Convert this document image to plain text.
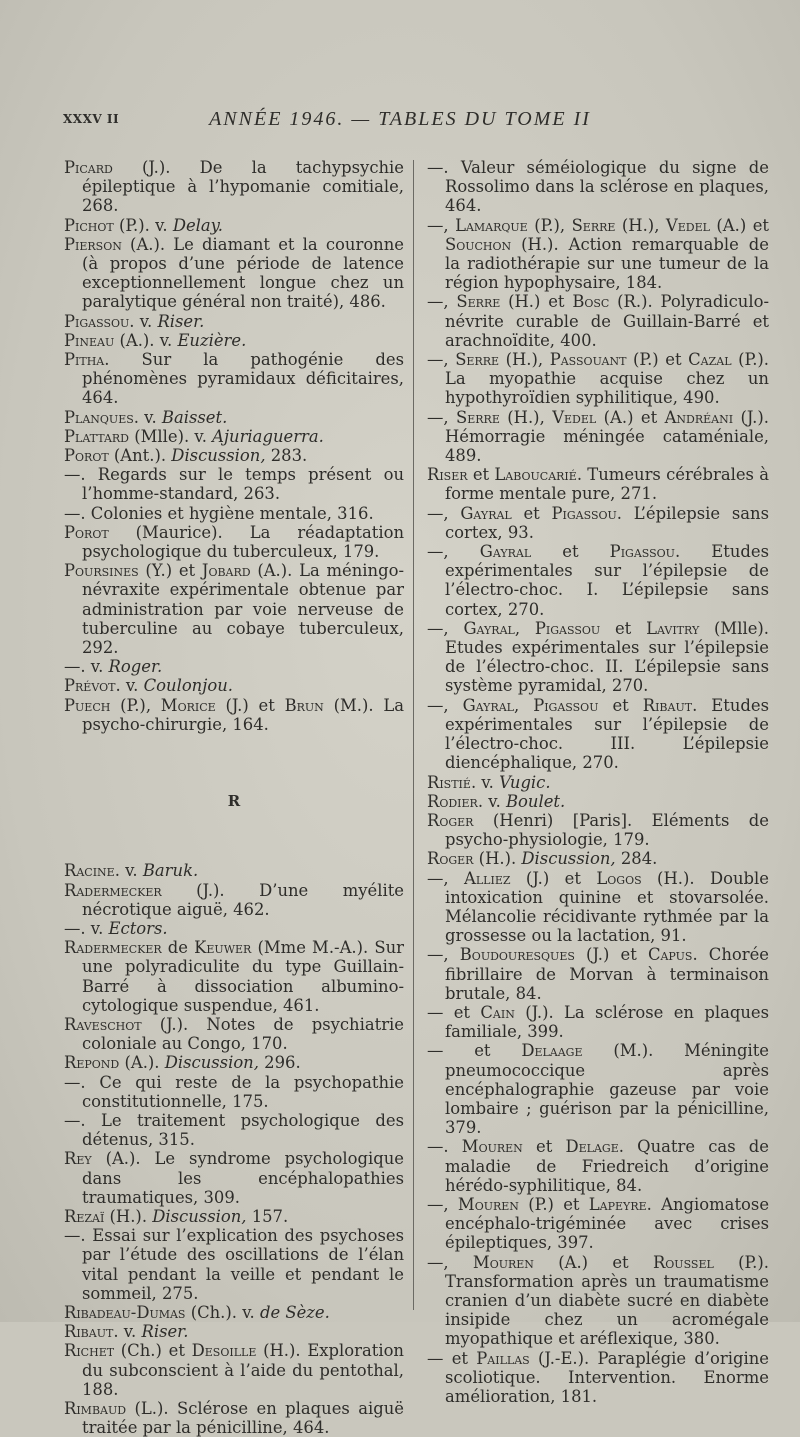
XXXV II	ANNÉE 1946. — TABLES DU TOME II
Picard (J.). De la tachypsychie épileptique à l’hypomanie comitiale, 268.
Pichot (P.). v. Delay.
Pierson (A.). Le diamant et la couronne (à propos d’une période de latence exceptionnellement longue chez un paralytique général non traité), 486.
Pigassou. v. Riser.
Pineau (A.). v. Euzière.
Pitha. Sur la pathogénie des phénomènes pyramidaux déficitaires, 464.
Planques. v. Baisset.
Plattard (Mlle). v. Ajuriaguerra.
Porot (Ant.). Discussion, 283.
—. Regards sur le temps présent ou l’homme-standard, 263.
—. Colonies et hygiène mentale, 316.
Porot (Maurice). La réadaptation psychologique du tuberculeux, 179.
Poursines (Y.) et Jobard (A.). La méningo-névraxite expérimentale obtenue par administration par voie nerveuse de tuberculine au cobaye tuberculeux, 292.
—. v. Roger.
Prévot. v. Coulonjou.
Puech (P.), Morice (J.) et Brun (M.). La psycho-chirurgie, 164.
R
Racine. v. Baruk.
Radermecker (J.). D’une myélite nécrotique aiguë, 462.
—. v. Ectors.
Radermecker de Keuwer (Mme M.-A.). Sur une polyradiculite du type Guillain-Barré à dissociation albumino-cytologique suspendue, 461.
Raveschot (J.). Notes de psychiatrie coloniale au Congo, 170.
Repond (A.). Discussion, 296.
—. Ce qui reste de la psychopathie constitutionnelle, 175.
—. Le traitement psychologique des détenus, 315.
Rey (A.). Le syndrome psychologique dans les encéphalopathies traumatiques, 309.
Rezaï (H.). Discussion, 157.
—. Essai sur l’explication des psychoses par l’étude des oscillations de l’élan vital pendant la veille et pendant le sommeil, 275.
Ribadeau-Dumas (Ch.). v. de Sèze.
Ribaut. v. Riser.
Richet (Ch.) et Desoille (H.). Exploration du subconscient à l’aide du pentothal, 188.
Rimbaud (L.). Sclérose en plaques aiguë traitée par la pénicilline, 464.
—. Valeur séméiologique du signe de Rossolimo dans la sclérose en plaques, 464.
—, Lamarque (P.), Serre (H.), Vedel (A.) et Souchon (H.). Action remarquable de la radiothérapie sur une tumeur de la région hypophysaire, 184.
—, Serre (H.) et Bosc (R.). Polyradiculo-névrite curable de Guillain-Barré et arachnoïdite, 400.
—, Serre (H.), Passouant (P.) et Cazal (P.). La myopathie acquise chez un hypothyroïdien syphilitique, 490.
—, Serre (H.), Vedel (A.) et Andréani (J.). Hémorragie méningée cataméniale, 489.
Riser et Laboucarié. Tumeurs cérébrales à forme mentale pure, 271.
—, Gayral et Pigassou. L’épilepsie sans cortex, 93.
—, Gayral et Pigassou. Etudes expérimentales sur l’épilepsie de l’électro-choc. I. L’épilepsie sans cortex, 270.
—, Gayral, Pigassou et Lavitry (Mlle). Etudes expérimentales sur l’épilepsie de l’électro-choc. II. L’épilepsie sans système pyramidal, 270.
—, Gayral, Pigassou et Ribaut. Etudes expérimentales sur l’épilepsie de l’électro-choc. III. L’épilepsie diencéphalique, 270.
Ristié. v. Vugic.
Rodier. v. Boulet.
Roger (Henri) [Paris]. Eléments de psycho-physiologie, 179.
Roger (H.). Discussion, 284.
—, Alliez (J.) et Logos (H.). Double intoxication quinine et stovarsolée. Mélancolie récidivante rythmée par la grossesse ou la lactation, 91.
—, Boudouresques (J.) et Capus. Chorée fibrillaire de Morvan à terminaison brutale, 84.
— et Cain (J.). La sclérose en plaques familiale, 399.
— et Delaage (M.). Méningite pneumococcique après encéphalographie gazeuse par voie lombaire ; guérison par la pénicilline, 379.
—. Mouren et Delage. Quatre cas de maladie de Friedreich d’origine hérédo-syphilitique, 84.
—, Mouren (P.) et Lapeyre. Angiomatose encéphalo-trigéminée avec crises épileptiques, 397.
—, Mouren (A.) et Roussel (P.). Transformation après un traumatisme cranien d’un diabète sucré en diabète insipide chez un acromégale myopathique et aréflexique, 380.
— et Paillas (J.-E.). Paraplégie d’origine scoliotique. Intervention. Enorme amélioration, 181.
